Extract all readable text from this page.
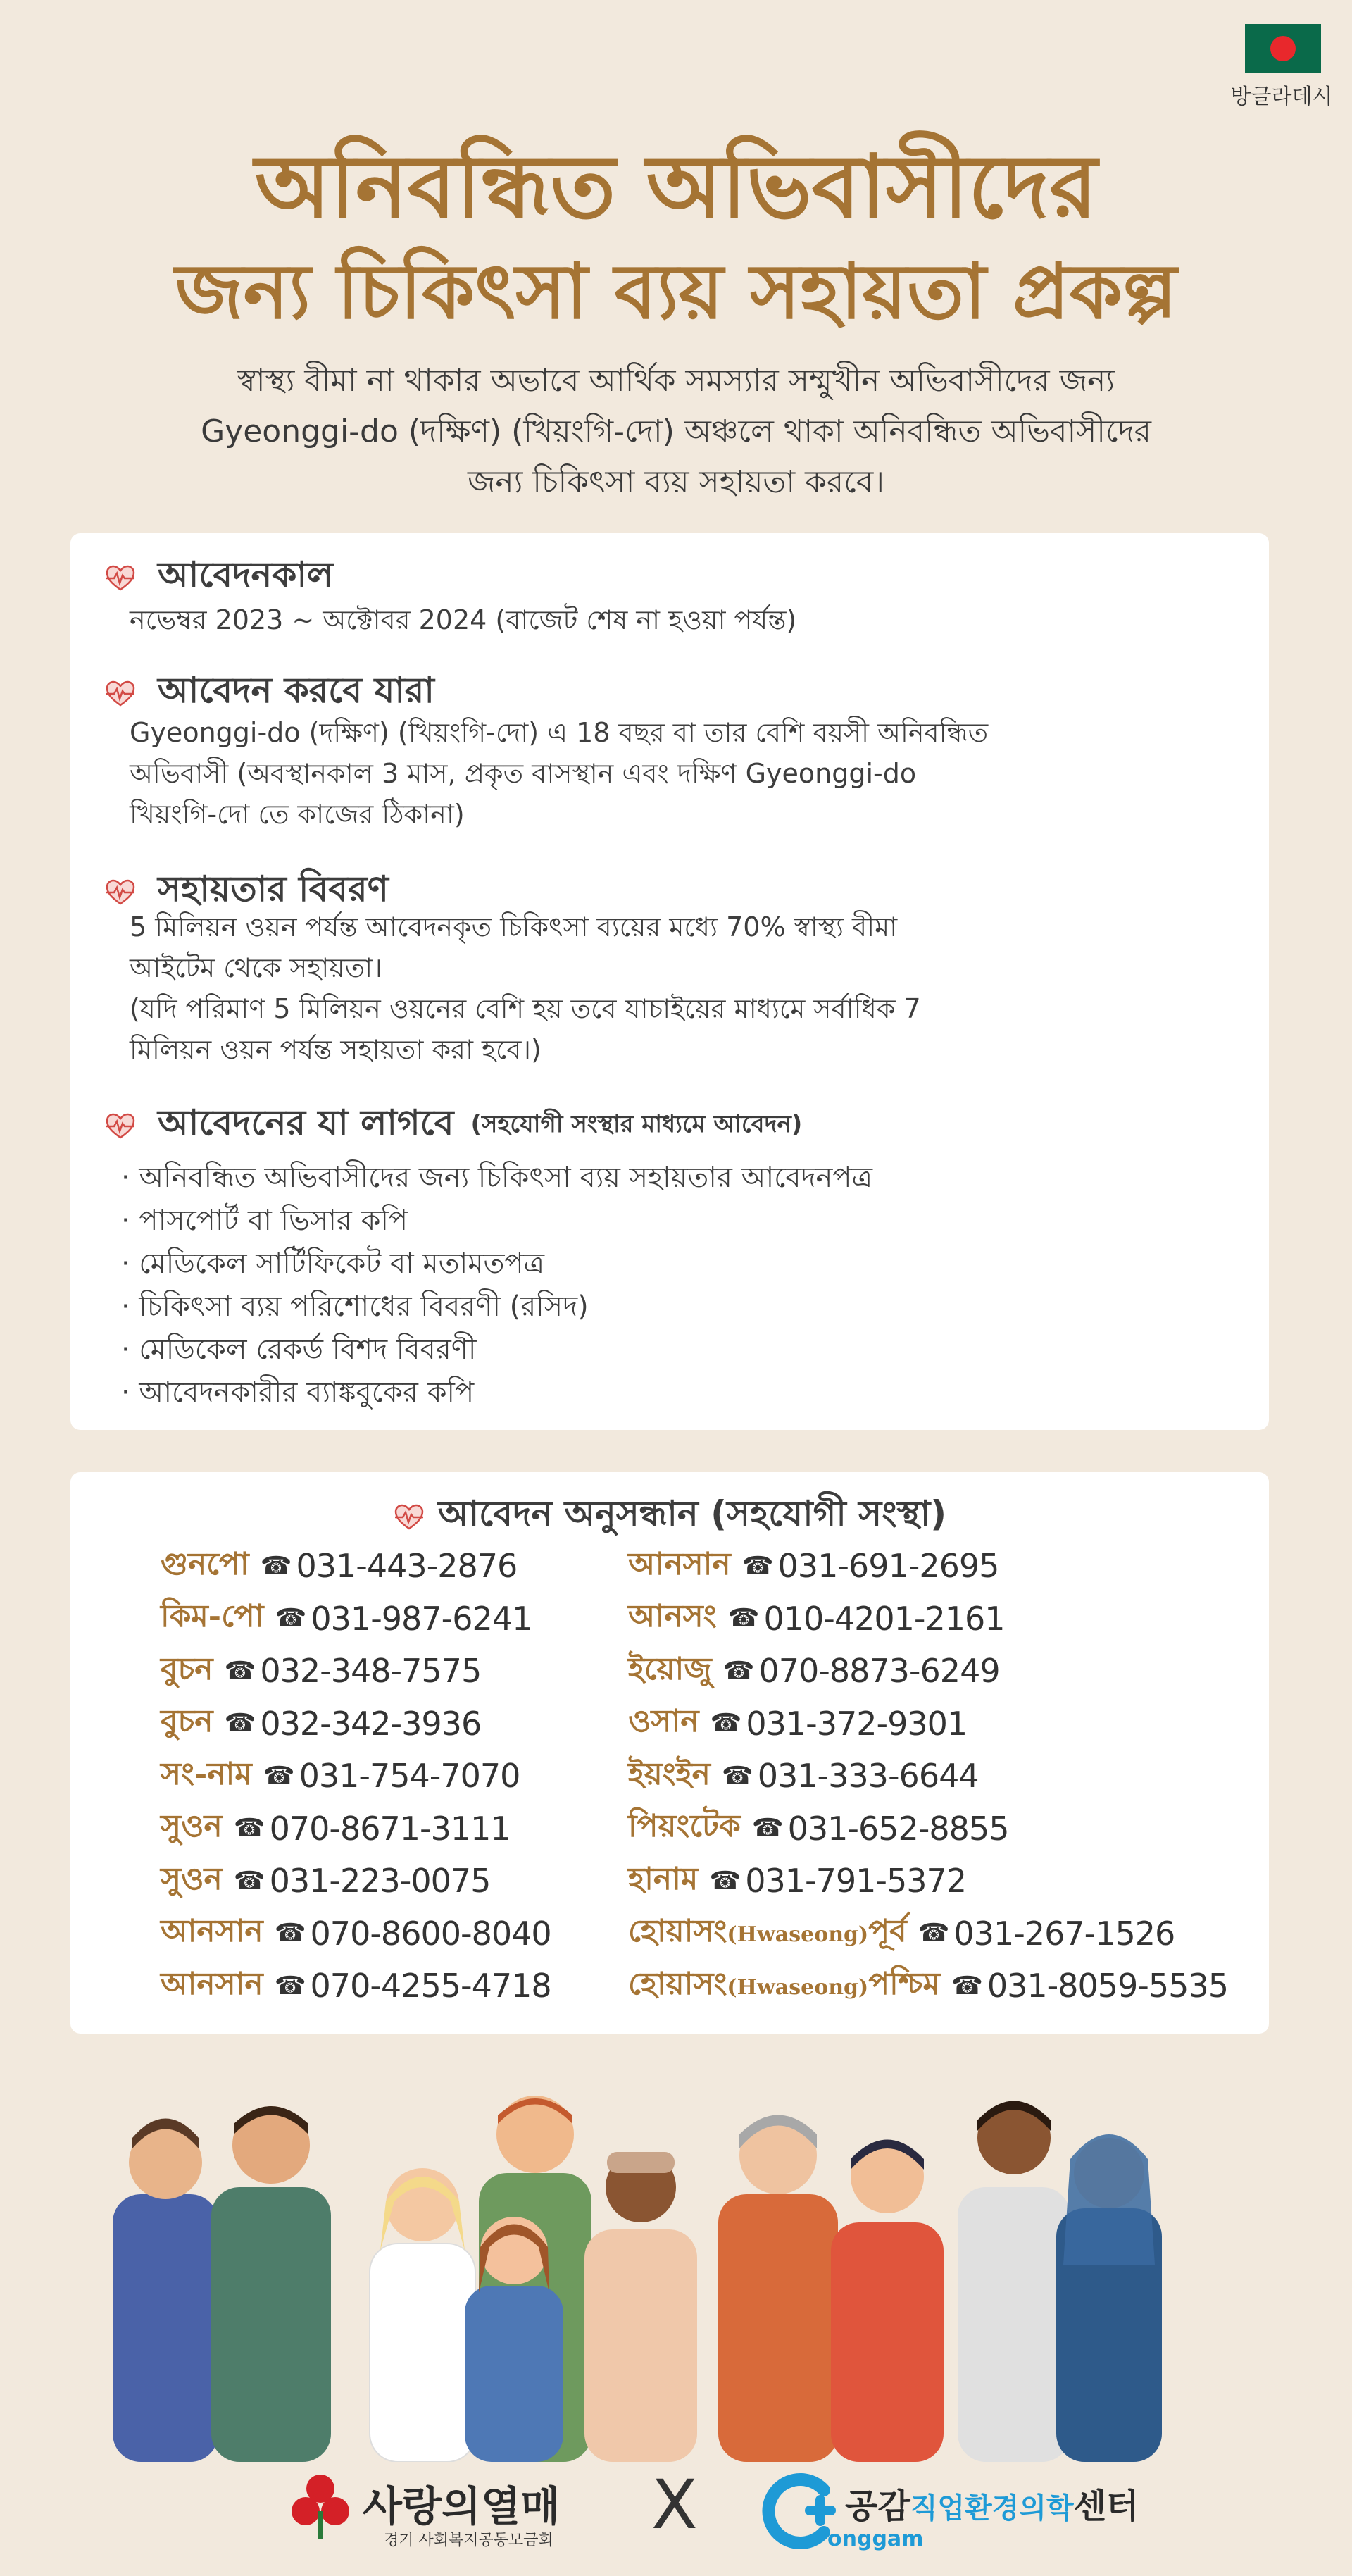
방글라데시
অনিবন্ধিত অভিবাসীদের
জন্য চিকিৎসা ব্যয় সহায়তা প্রকল্প
স্বাস্থ্য বীমা না থাকার অভাবে আর্থিক সমস্যার সম্মুখীন অভিবাসীদের জন্য
Gyeonggi-do (দক্ষিণ) (খিয়ংগি-দো) অঞ্চলে থাকা অনিবন্ধিত অভিবাসীদের
জন্য চিকিৎসা ব্যয় সহায়তা করবে।
আবেদনকাল
নভেম্বর 2023 ~ অক্টোবর 2024 (বাজেট শেষ না হওয়া পর্যন্ত)
আবেদন করবে যারা
Gyeonggi-do (দক্ষিণ) (খিয়ংগি-দো) এ 18 বছর বা তার বেশি বয়সী অনিবন্ধিত
অভিবাসী (অবস্থানকাল 3 মাস, প্রকৃত বাসস্থান এবং দক্ষিণ Gyeonggi-do
খিয়ংগি-দো তে কাজের ঠিকানা)
সহায়তার বিবরণ
5 মিলিয়ন ওয়ন পর্যন্ত আবেদনকৃত চিকিৎসা ব্যয়ের মধ্যে 70% স্বাস্থ্য বীমা
আইটেম থেকে সহায়তা।
(যদি পরিমাণ 5 মিলিয়ন ওয়নের বেশি হয় তবে যাচাইয়ের মাধ্যমে সর্বাধিক 7
মিলিয়ন ওয়ন পর্যন্ত সহায়তা করা হবে।)
আবেদনের যা লাগবে (সহযোগী সংস্থার মাধ্যমে আবেদন)
· অনিবন্ধিত অভিবাসীদের জন্য চিকিৎসা ব্যয় সহায়তার আবেদনপত্র
· পাসপোর্ট বা ভিসার কপি
· মেডিকেল সার্টিফিকেট বা মতামতপত্র
· চিকিৎসা ব্যয় পরিশোধের বিবরণী (রসিদ)
· মেডিকেল রেকর্ড বিশদ বিবরণী
· আবেদনকারীর ব্যাঙ্কবুকের কপি
আবেদন অনুসন্ধান (সহযোগী সংস্থা)
গুনপো ☎ 031-443-2876
কিম-পো ☎ 031-987-6241
বুচন ☎ 032-348-7575
বুচন ☎ 032-342-3936
সং-নাম ☎ 031-754-7070
সুওন ☎ 070-8671-3111
সুওন ☎ 031-223-0075
আনসান ☎ 070-8600-8040
আনসান ☎ 070-4255-4718
আনসান ☎ 031-691-2695
আনসং ☎ 010-4201-2161
ইয়োজু ☎ 070-8873-6249
ওসান ☎ 031-372-9301
ইয়ংইন ☎ 031-333-6644
পিয়ংটেক ☎ 031-652-8855
হানাম ☎ 031-791-5372
হোয়াসং(Hwaseong)পূর্ব ☎ 031-267-1526
হোয়াসং(Hwaseong)পশ্চিম ☎ 031-8059-5535
사랑의열매
경기 사회복지공동모금회 X	공감직업환경의학센터
onggam
